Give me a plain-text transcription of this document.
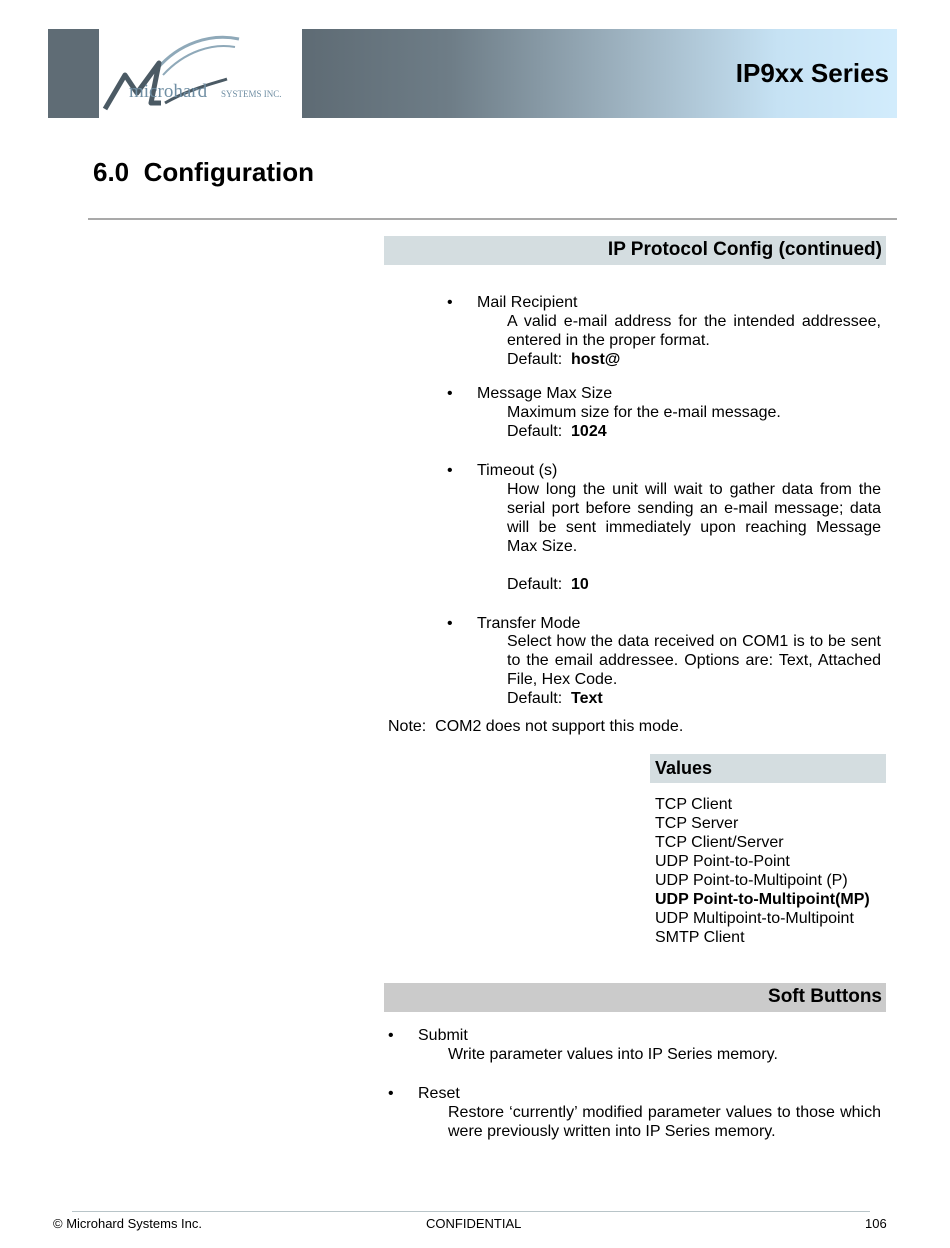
microhard SYSTEMS INC.
IP9xx Series
6.0  Configuration
IP Protocol Config (continued)
• Mail Recipient
A valid e-mail address for the intended addressee, entered in the proper format.
Default: host@
• Message Max Size
Maximum size for the e-mail message.
Default: 1024
• Timeout (s)
How long the unit will wait to gather data from the serial port before sending an e-mail message; data will be sent immediately upon reaching Message Max Size.
Default: 10
• Transfer Mode
Select how the data received on COM1 is to be sent to the email addressee. Options are: Text, Attached File, Hex Code.
Default: Text
Note:  COM2 does not support this mode.
Values
TCP Client
TCP Server
TCP Client/Server
UDP Point-to-Point
UDP Point-to-Multipoint (P)
UDP Point-to-Multipoint(MP)
UDP Multipoint-to-Multipoint
SMTP Client
Soft Buttons
• Submit
Write parameter values into IP Series memory.
• Reset
Restore ‘currently’ modified parameter values to those which were previously written into IP Series memory.
© Microhard Systems Inc.	CONFIDENTIAL	106
